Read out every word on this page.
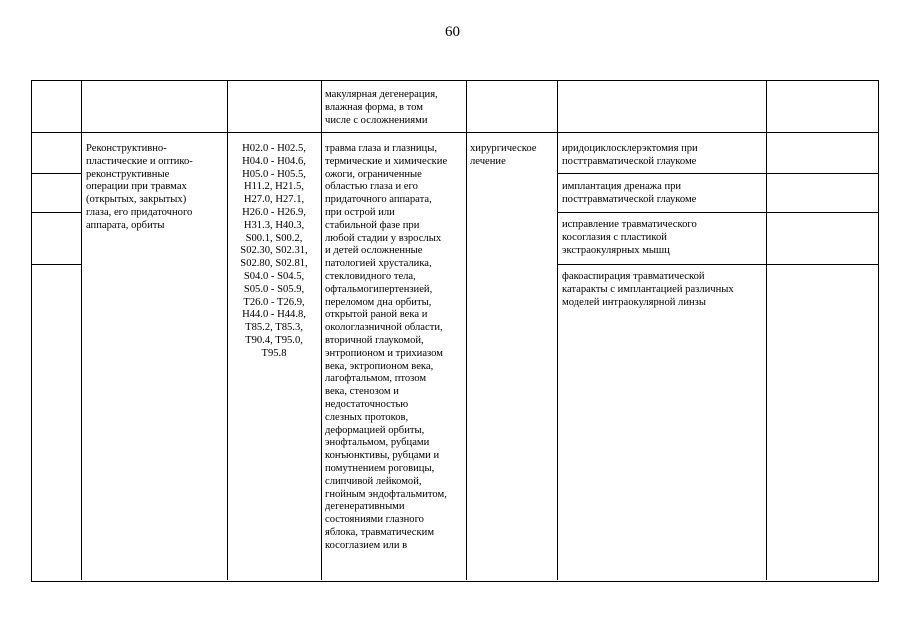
60
макулярная дегенерация,
влажная форма, в том
числе с осложнениями
Реконструктивно-
пластические и оптико-
реконструктивные
операции при травмах
(открытых, закрытых)
глаза, его придаточного
аппарата, орбиты
H02.0 - H02.5,
H04.0 - H04.6,
H05.0 - H05.5,
H11.2, H21.5,
H27.0, H27.1,
H26.0 - H26.9,
H31.3, H40.3,
S00.1, S00.2,
S02.30, S02.31,
S02.80, S02.81,
S04.0 - S04.5,
S05.0 - S05.9,
T26.0 - T26.9,
H44.0 - H44.8,
T85.2, T85.3,
T90.4, T95.0,
T95.8
травма глаза и глазницы,
термические и химические
ожоги, ограниченные
областью глаза и его
придаточного аппарата,
при острой или
стабильной фазе при
любой стадии у взрослых
и детей осложненные
патологией хрусталика,
стекловидного тела,
офтальмогипертензией,
переломом дна орбиты,
открытой раной века и
окологлазничной области,
вторичной глаукомой,
энтропионом и трихиазом
века, эктропионом века,
лагофтальмом, птозом
века, стенозом и
недостаточностью
слезных протоков,
деформацией орбиты,
энофтальмом, рубцами
конъюнктивы, рубцами и
помутнением роговицы,
слипчивой лейкомой,
гнойным эндофтальмитом,
дегенеративными
состояниями глазного
яблока, травматическим
косоглазием или в
хирургическое
лечение
иридоциклосклерэктомия при
посттравматической глаукоме
имплантация дренажа при
посттравматической глаукоме
исправление травматического
косоглазия с пластикой
экстраокулярных мышц
факоаспирация травматической
катаракты с имплантацией различных
моделей интраокулярной линзы
